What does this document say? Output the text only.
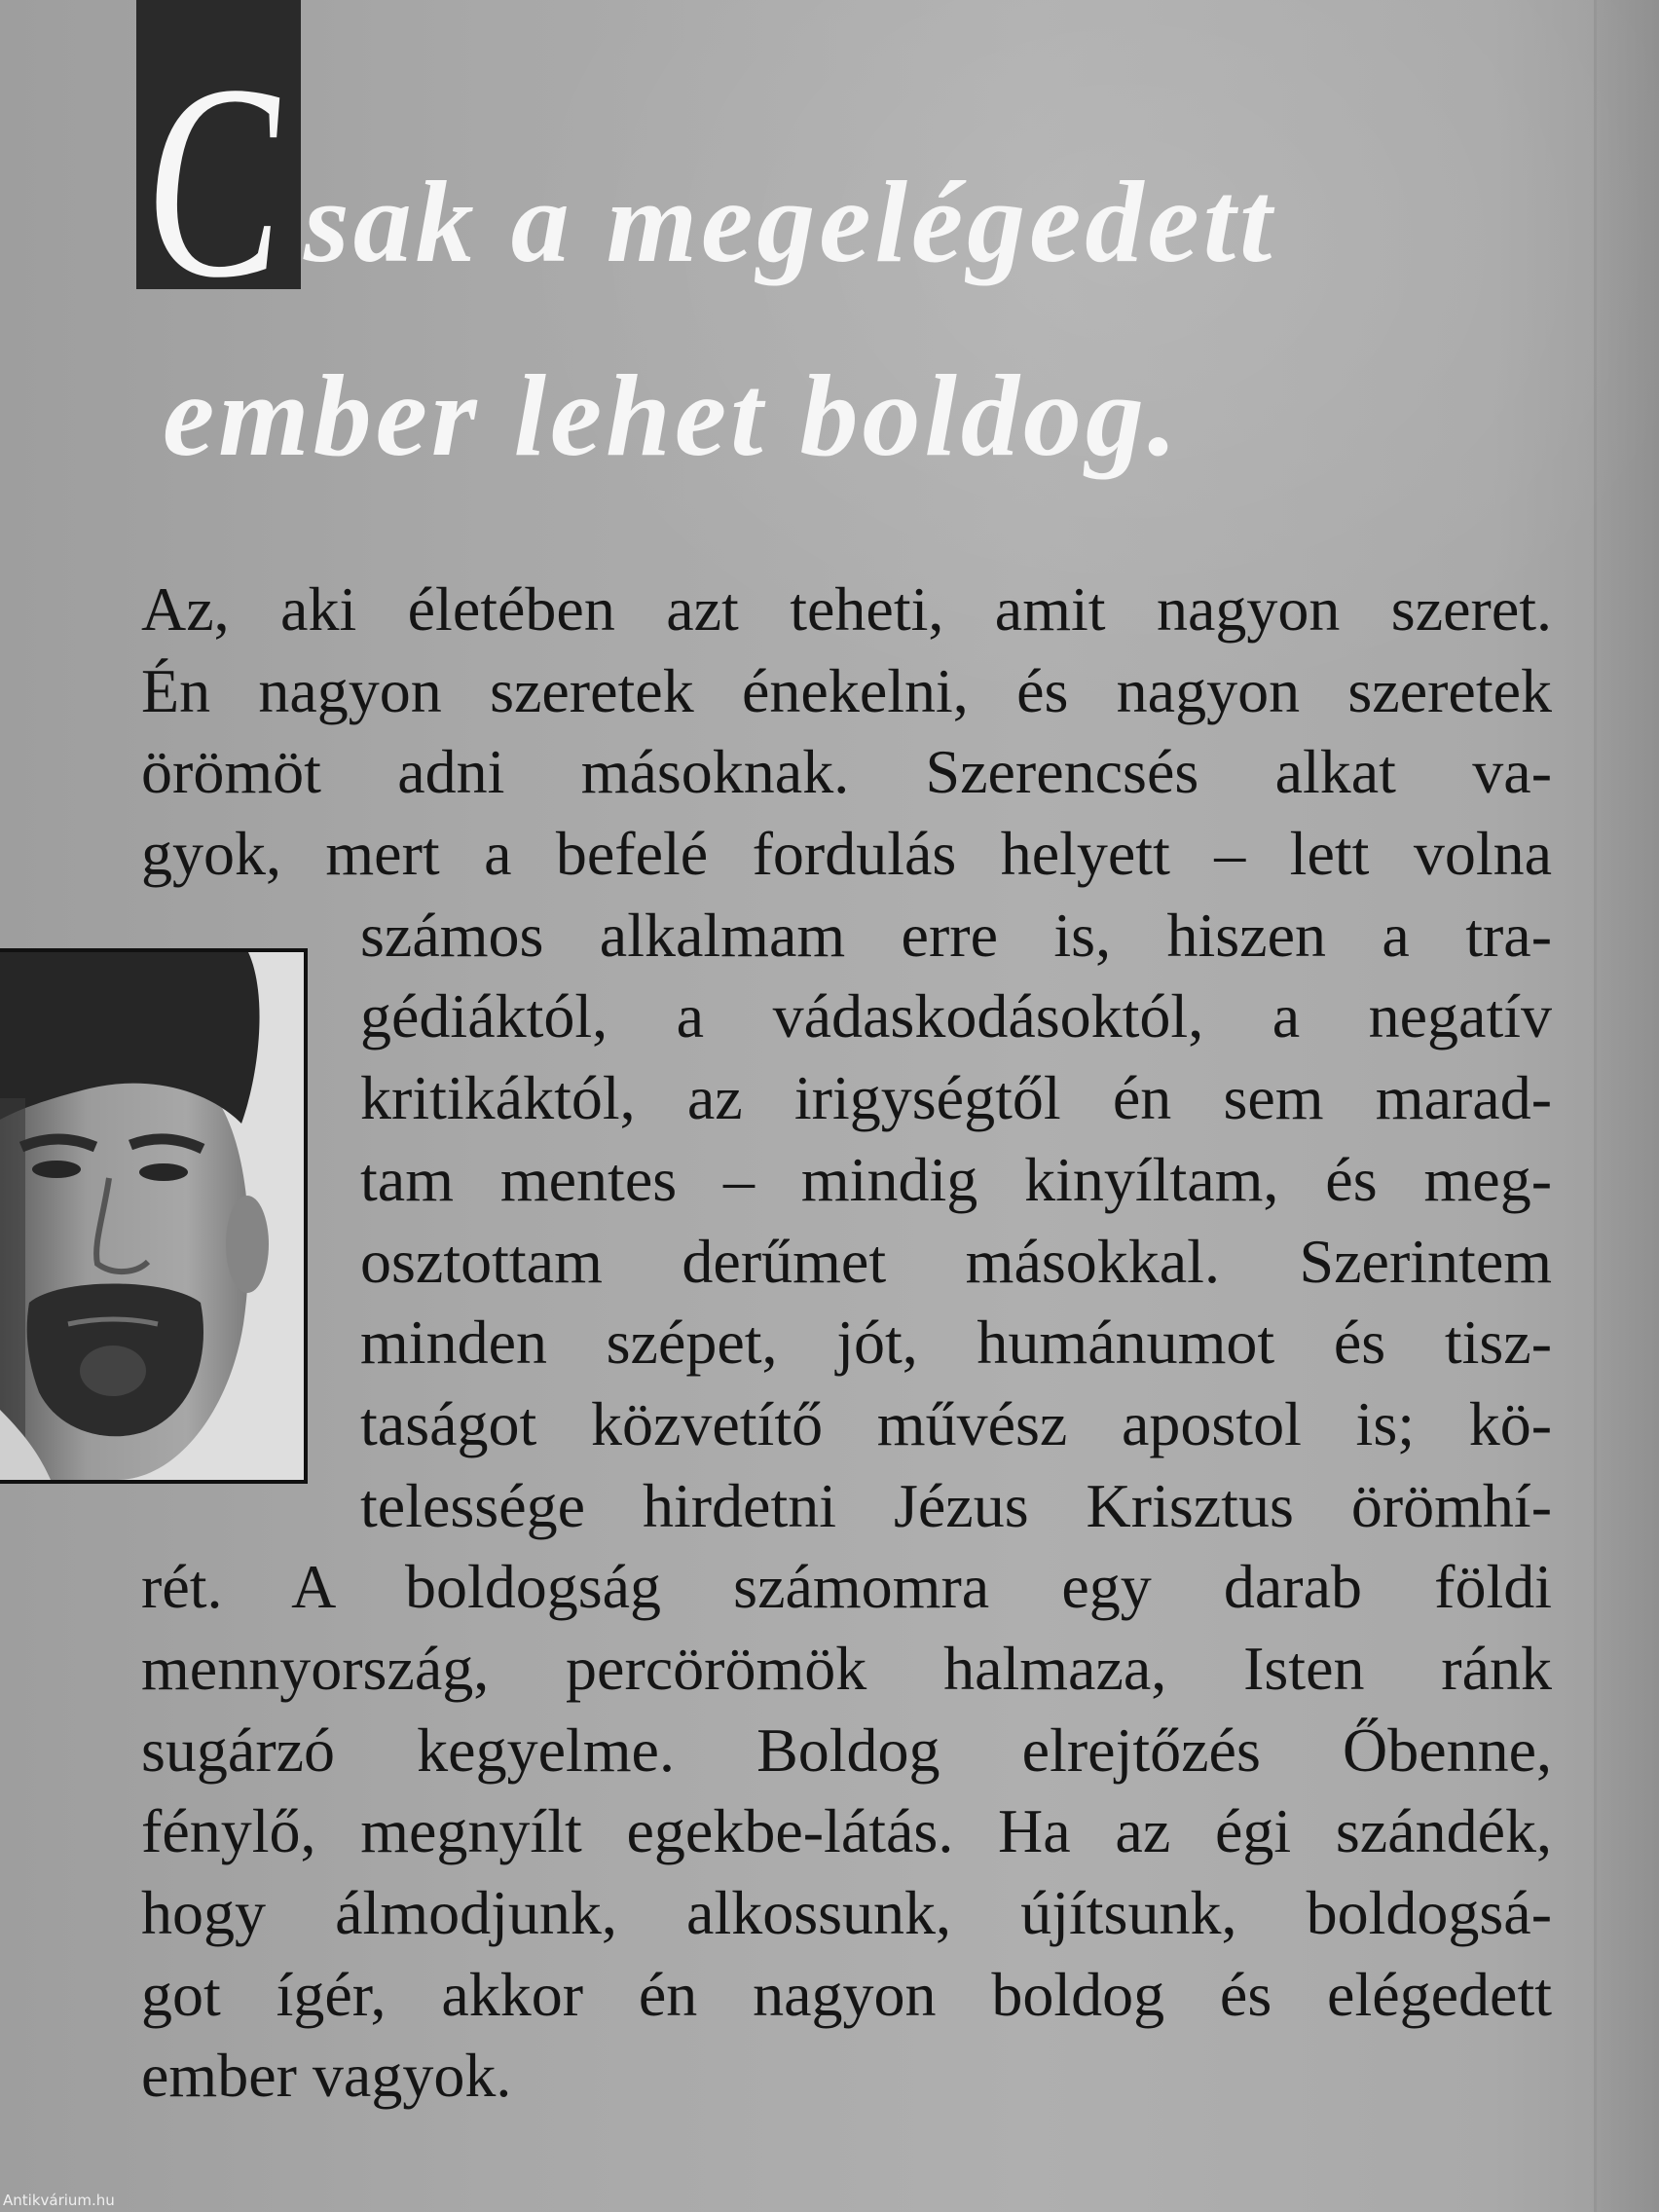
C sak a megelégedett
ember lehet boldog.
Az, aki életében azt teheti, amit nagyon szeret.
Én nagyon szeretek énekelni, és nagyon szeretek
örömöt adni másoknak. Szerencsés alkat va-
gyok, mert a befelé fordulás helyett – lett volna
számos alkalmam erre is, hiszen a tra-
gédiáktól, a vádaskodásoktól, a negatív
kritikáktól, az irigységtől én sem marad-
tam mentes – mindig kinyíltam, és meg-
osztottam derűmet másokkal. Szerintem
minden szépet, jót, humánumot és tisz-
taságot közvetítő művész apostol is; kö-
telessége hirdetni Jézus Krisztus örömhí-
rét. A boldogság számomra egy darab földi
mennyország, percörömök halmaza, Isten ránk
sugárzó kegyelme. Boldog elrejtőzés Őbenne,
fénylő, megnyílt egekbe-látás. Ha az égi szándék,
hogy álmodjunk, alkossunk, újítsunk, boldogsá-
got ígér, akkor én nagyon boldog és elégedett
ember vagyok.
Antikvárium.hu
